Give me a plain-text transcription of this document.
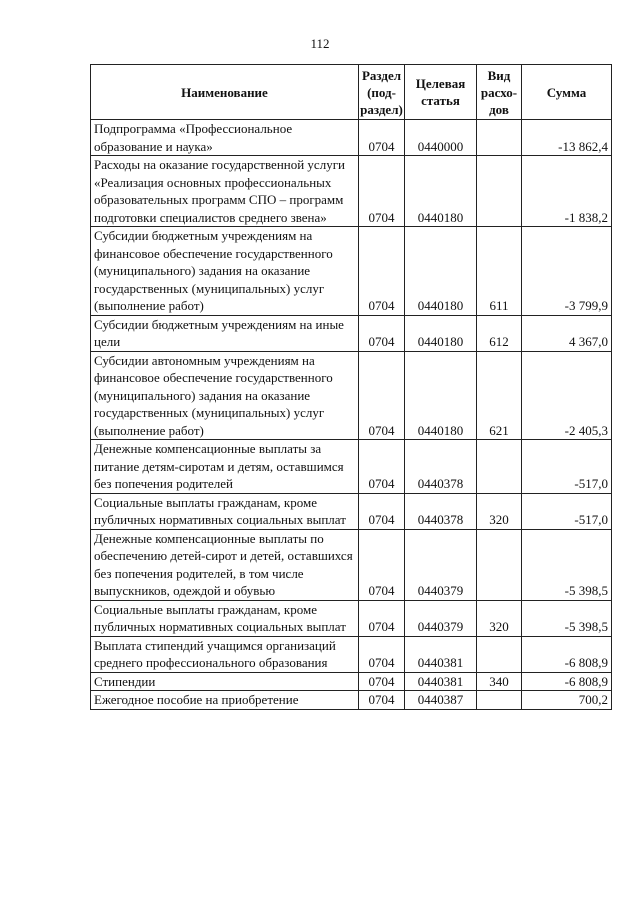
112
Наименование	Раздел (под-раздел)	Целевая статья	Вид расхо-дов	Сумма
Подпрограмма «Профессиональное образование и наука»	0704	0440000		-13 862,4
Расходы на оказание государственной услуги «Реализация основных профессиональных образовательных программ СПО – программ подготовки специалистов среднего звена»	0704	0440180		-1 838,2
Субсидии бюджетным учреждениям на финансовое обеспечение государственного (муниципального) задания на оказание государственных (муниципальных) услуг (выполнение работ)	0704	0440180	611	-3 799,9
Субсидии бюджетным учреждениям на иные цели	0704	0440180	612	4 367,0
Субсидии автономным учреждениям на финансовое обеспечение государственного (муниципального) задания на оказание государственных (муниципальных) услуг (выполнение работ)	0704	0440180	621	-2 405,3
Денежные компенсационные выплаты за питание детям-сиротам и детям, оставшимся без попечения родителей	0704	0440378		-517,0
Социальные выплаты гражданам, кроме публичных нормативных социальных выплат	0704	0440378	320	-517,0
Денежные компенсационные выплаты по обеспечению детей-сирот и детей, оставшихся без попечения родителей, в том числе выпускников, одеждой и обувью	0704	0440379		-5 398,5
Социальные выплаты гражданам, кроме публичных нормативных социальных выплат	0704	0440379	320	-5 398,5
Выплата стипендий учащимся организаций среднего профессионального образования	0704	0440381		-6 808,9
Стипендии	0704	0440381	340	-6 808,9
Ежегодное пособие на приобретение	0704	0440387		700,2
